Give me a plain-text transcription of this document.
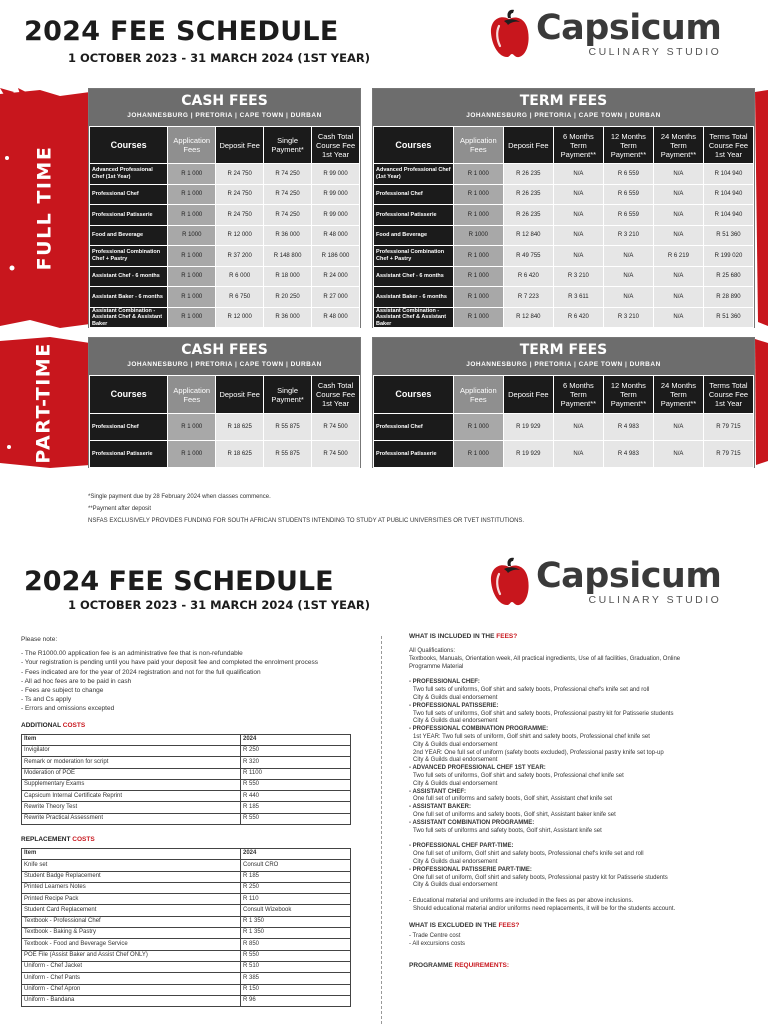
2024 FEE SCHEDULE
1 OCTOBER 2023 - 31 MARCH 2024 (1ST YEAR)
Capsicum
CULINARY STUDIO
FULL TIME
CASH FEES
JOHANNESBURG | PRETORIA | CAPE TOWN | DURBAN
Courses	Application Fees	Deposit Fee	Single Payment*	Cash Total Course Fee 1st Year
Advanced Professional Chef (1st Year)	R 1 000	R 24 750	R 74 250	R 99 000
Professional Chef	R 1 000	R 24 750	R 74 250	R 99 000
Professional Patisserie	R 1 000	R 24 750	R 74 250	R 99 000
Food and Beverage	R 1000	R 12 000	R 36 000	R 48 000
Professional Combination Chef + Pastry	R 1 000	R 37 200	R 148 800	R 186 000
Assistant Chef - 6 months	R 1 000	R 6 000	R 18 000	R 24 000
Assistant Baker - 6 months	R 1 000	R 6 750	R 20 250	R 27 000
Assistant Combination - Assistant Chef & Assistant Baker	R 1 000	R 12 000	R 36 000	R 48 000
TERM FEES
JOHANNESBURG | PRETORIA | CAPE TOWN | DURBAN
Courses	Application Fees	Deposit Fee	6 Months Term Payment**	12 Months Term Payment**	24 Months Term Payment**	Terms Total Course Fee 1st Year
Advanced Professional Chef (1st Year)	R 1 000	R 26 235	N/A	R 6 559	N/A	R 104 940
Professional Chef	R 1 000	R 26 235	N/A	R 6 559	N/A	R 104 940
Professional Patisserie	R 1 000	R 26 235	N/A	R 6 559	N/A	R 104 940
Food and Beverage	R 1000	R 12 840	N/A	R 3 210	N/A	R 51 360
Professional Combination Chef + Pastry	R 1 000	R 49 755	N/A	N/A	R 6 219	R 199 020
Assistant Chef - 6 months	R 1 000	R 6 420	R 3 210	N/A	N/A	R 25 680
Assistant Baker - 6 months	R 1 000	R 7 223	R 3 611	N/A	N/A	R 28 890
Assistant Combination - Assistant Chef & Assistant Baker	R 1 000	R 12 840	R 6 420	R 3 210	N/A	R 51 360
PART-TIME	CASH FEES
JOHANNESBURG | PRETORIA | CAPE TOWN | DURBAN
Courses	Application Fees	Deposit Fee	Single Payment*	Cash Total Course Fee 1st Year
Professional Chef	R 1 000	R 18 625	R 55 875	R 74 500
Professional Patisserie	R 1 000	R 18 625	R 55 875	R 74 500
TERM FEES
JOHANNESBURG | PRETORIA | CAPE TOWN | DURBAN
Courses	Application Fees	Deposit Fee	6 Months Term Payment**	12 Months Term Payment**	24 Months Term Payment**	Terms Total Course Fee 1st Year
Professional Chef	R 1 000	R 19 929	N/A	R 4 983	N/A	R 79 715
Professional Patisserie	R 1 000	R 19 929	N/A	R 4 983	N/A	R 79 715
*Single payment due by 28 February 2024 when classes commence.
**Payment after deposit
NSFAS EXCLUSIVELY PROVIDES FUNDING FOR SOUTH AFRICAN STUDENTS INTENDING TO STUDY AT PUBLIC UNIVERSITIES OR TVET INSTITUTIONS.
2024 FEE SCHEDULE
1 OCTOBER 2023 - 31 MARCH 2024 (1ST YEAR)
Capsicum
CULINARY STUDIO

Please note:

- The R1000.00 application fee is an administrative fee that is non-refundable
- Your registration is pending until you have paid your deposit fee and completed the enrolment process
- Fees indicated are for the year of 2024 registration and not for the full qualification
- All ad hoc fees are to be paid in cash
- Fees are subject to change
- Ts and Cs apply
- Errors and omissions excepted
ADDITIONAL COSTS
Item	2024
Invigilator	R 250
Remark or moderation for script	R 320
Moderation of POE	R 1100
Supplementary Exams	R 550
Capsicum Internal Certificate Reprint	R 440
Rewrite Theory Test	R 185
Rewrite Practical Assessment	R 550
REPLACEMENT COSTS
Item	2024
Knife set	Consult CRO
Student Badge Replacement	R 185
Printed Learners Notes	R 250
Printed Recipe Pack	R 110
Student Card Replacement	Consult Wizebook
Textbook - Professional Chef	R 1 350
Textbook - Baking & Pastry	R 1 350
Textbook - Food and Beverage Service	R 850
POE File (Assist Baker and Assist Chef ONLY)	R 550
Uniform - Chef Jacket	R 510
Uniform - Chef Pants	R 385
Uniform - Chef Apron	R 150
Uniform - Bandana	R 96
WHAT IS INCLUDED IN THE FEES?
All Qualifications:
Textbooks, Manuals, Orientation week, All practical ingredients, Use of all facilities, Graduation, Online
Programme Material
- PROFESSIONAL CHEF:
Two full sets of uniforms, Golf shirt and safety boots, Professional chef's knife set and roll
City & Guilds dual endorsement
- PROFESSIONAL PATISSERIE:
Two full sets of uniforms, Golf shirt and safety boots, Professional pastry kit for Patisserie students
City & Guilds dual endorsement
- PROFESSIONAL COMBINATION PROGRAMME:
1st YEAR: Two full sets of uniform, Golf shirt and safety boots, Professional chef knife set
City & Guilds dual endorsement
2nd YEAR: One full set of uniform (safety boots excluded), Professional pastry knife set top-up
City & Guilds dual endorsement
- ADVANCED PROFESSIONAL CHEF 1ST YEAR:
Two full sets of uniforms, Golf shirt and safety boots, Professional chef knife set
City & Guilds dual endorsement
- ASSISTANT CHEF:
One full set of uniforms and safety boots, Golf shirt, Assistant chef knife set
- ASSISTANT BAKER:
One full set of uniforms and safety boots, Golf shirt, Assistant baker knife set
- ASSISTANT COMBINATION PROGRAMME:
Two full sets of uniforms and safety boots, Golf shirt, Assistant knife set
- PROFESSIONAL CHEF PART-TIME:
One full set of uniform, Golf shirt and safety boots, Professional chef's knife set and roll
City & Guilds dual endorsement
- PROFESSIONAL PATISSERIE PART-TIME:
One full set of uniform, Golf shirt and safety boots, Professional pastry kit for Patisserie students
City & Guilds dual endorsement
- Educational material and uniforms are included in the fees as per above inclusions.
Should educational material and/or uniforms need replacements, it will be for the students account.
WHAT IS EXCLUDED IN THE FEES?
- Trade Centre cost
- All excursions costs
PROGRAMME REQUIREMENTS:
